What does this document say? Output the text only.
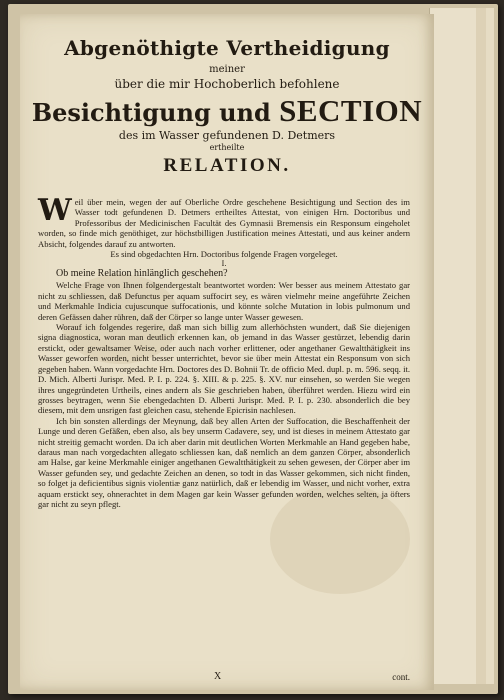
Abgenöthigte Vertheidigung
meiner
über die mir Hochoberlich befohlene
Besichtigung und SECTION
des im Wasser gefundenen D. Detmers
ertheilte
RELATION.

Weil über mein, wegen der auf Oberliche Ordre geschehene Besichtigung und Section des im Wasser todt gefundenen D. Detmers ertheiltes Attestat, von einigen Hrn. Doctoribus und Professoribus der Medicinischen Facultät des Gymnasii Bremensis ein Responsum eingeholet worden, so finde mich genöthiget, zur höchstbilligen Justification meines Attestati, und aus keiner andern Absicht, folgendes darauf zu antworten.

Es sind obgedachten Hrn. Doctoribus folgende Fragen vorgeleget.

I.

Ob meine Relation hinlänglich geschehen?

Welche Frage von Ihnen folgendergestalt beantwortet worden: Wer besser aus meinem Attestato gar nicht zu schliessen, daß Defunctus per aquam suffocirt sey, es wären vielmehr meine angeführte Zeichen und Merkmahle Indicia cujuscunque suffocationis, und könnte solche Mutation in lobis pulmonum und deren Gefässen daher rühren, daß der Cörper so lange unter Wasser gewesen.

Worauf ich folgendes regerire, daß man sich billig zum allerhöchsten wundert, daß Sie diejenigen signa diagnostica, woran man deutlich erkennen kan, ob jemand in das Wasser gestürzet, lebendig darin erstickt, oder gewaltsamer Weise, oder auch nach vorher erlittener, oder angethaner Gewaltthätigkeit ins Wasser geworfen worden, nicht besser unterrichtet, bevor sie über mein Attestat ein Responsum von sich gegeben haben. Wann vorgedachte Hrn. Doctores des D. Bohnii Tr. de officio Med. dupl. p. m. 596. seqq. it. D. Mich. Alberti Jurispr. Med. P. I. p. 224. §. XIII. & p. 225. §. XV. nur einsehen, so werden Sie wegen ihres ungegründeten Urtheils, eines andern als Sie geschrieben haben, überführet werden. Hiezu wird ein grosses beytragen, wenn Sie ebengedachten D. Alberti Jurispr. Med. P. I. p. 230. absonderlich die bey diesem, mit dem unsrigen fast gleichen casu, stehende Epicrisin nachlesen.

Ich bin sonsten allerdings der Meynung, daß bey allen Arten der Suffocation, die Beschaffenheit der Lunge und deren Gefäßen, eben also, als bey unserm Cadavere, sey, und ist dieses in meinem Attestato gar nicht streitig gemacht worden. Da ich aber darin mit deutlichen Worten Merkmahle an Hand gegeben habe, daraus man nach vorgedachten allegato schliessen kan, daß nemlich an dem ganzen Cörper, absonderlich am Halse, gar keine Merkmahle einiger angethanen Gewaltthätigkeit zu sehen gewesen, der Cörper aber im Wasser gefunden sey, und gedachte Zeichen an denen, so todt in das Wasser gekommen, sich nicht finden, so folget ja deficientibus signis violentiæ ganz natürlich, daß er lebendig im Wasser, und nicht vorher, extra aquam erstickt sey, ohnerachtet in dem Magen gar kein Wasser gefunden worden, welches selten, ja öfters gar nicht zu seyn pflegt.

X	cont.
